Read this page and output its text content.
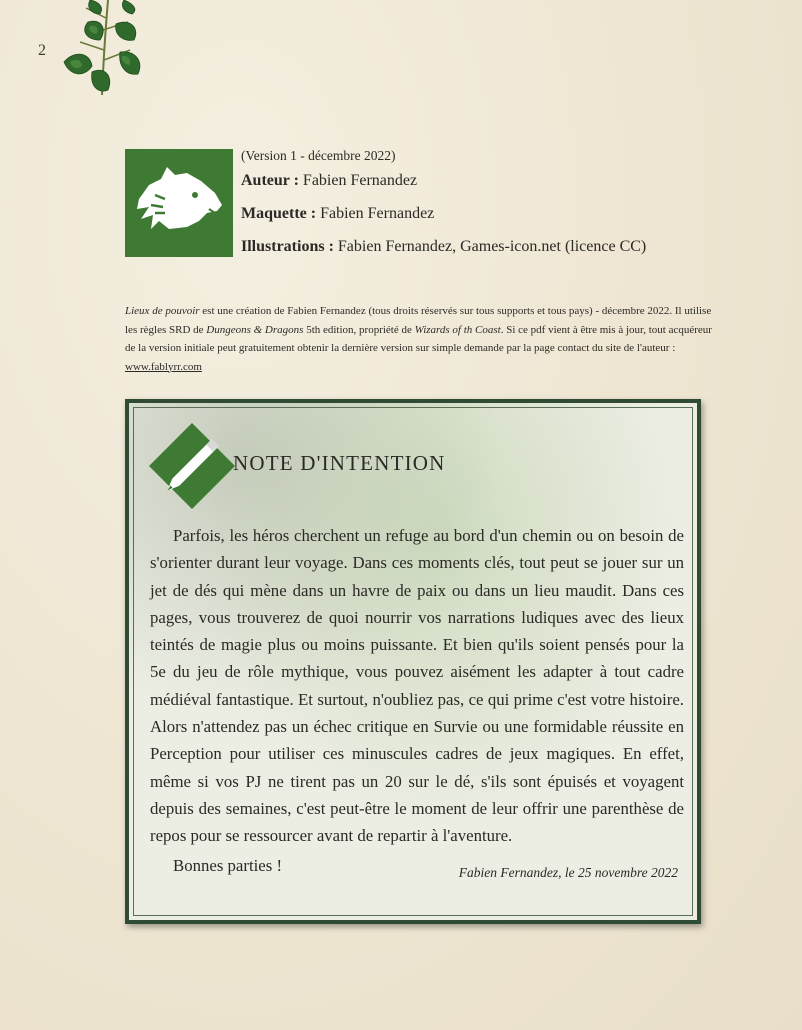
2

(Version 1 - décembre 2022)

Auteur : Fabien Fernandez

Maquette : Fabien Fernandez

Illustrations : Fabien Fernandez, Games-icon.net (licence CC)

Lieux de pouvoir est une création de Fabien Fernandez (tous droits réservés sur tous supports et tous pays) - décembre 2022. Il utilise les règles SRD de Dungeons & Dragons 5th edition, propriété de Wizards of th Coast. Si ce pdf vient à être mis à jour, tout acquéreur de la version initiale peut gratuitement obtenir la dernière version sur simple demande par la page contact du site de l'auteur : www.fablyrr.com

NOTE D'INTENTION

Parfois, les héros cherchent un refuge au bord d'un chemin ou on besoin de s'orienter durant leur voyage. Dans ces moments clés, tout peut se jouer sur un jet de dés qui mène dans un havre de paix ou dans un lieu maudit. Dans ces pages, vous trouverez de quoi nourrir vos narrations ludiques avec des lieux teintés de magie plus ou moins puissante. Et bien qu'ils soient pensés pour la 5e du jeu de rôle mythique, vous pouvez aisément les adapter à tout cadre médiéval fantastique. Et surtout, n'oubliez pas, ce qui prime c'est votre histoire. Alors n'attendez pas un échec critique en Survie ou une formidable réussite en Perception pour utiliser ces minuscules cadres de jeux magiques. En effet, même si vos PJ ne tirent pas un 20 sur le dé, s'ils sont épuisés et voyagent depuis des semaines, c'est peut-être le moment de leur offrir une parenthèse de repos pour se ressourcer avant de repartir à l'aventure.

Bonnes parties !	Fabien Fernandez, le 25 novembre 2022
